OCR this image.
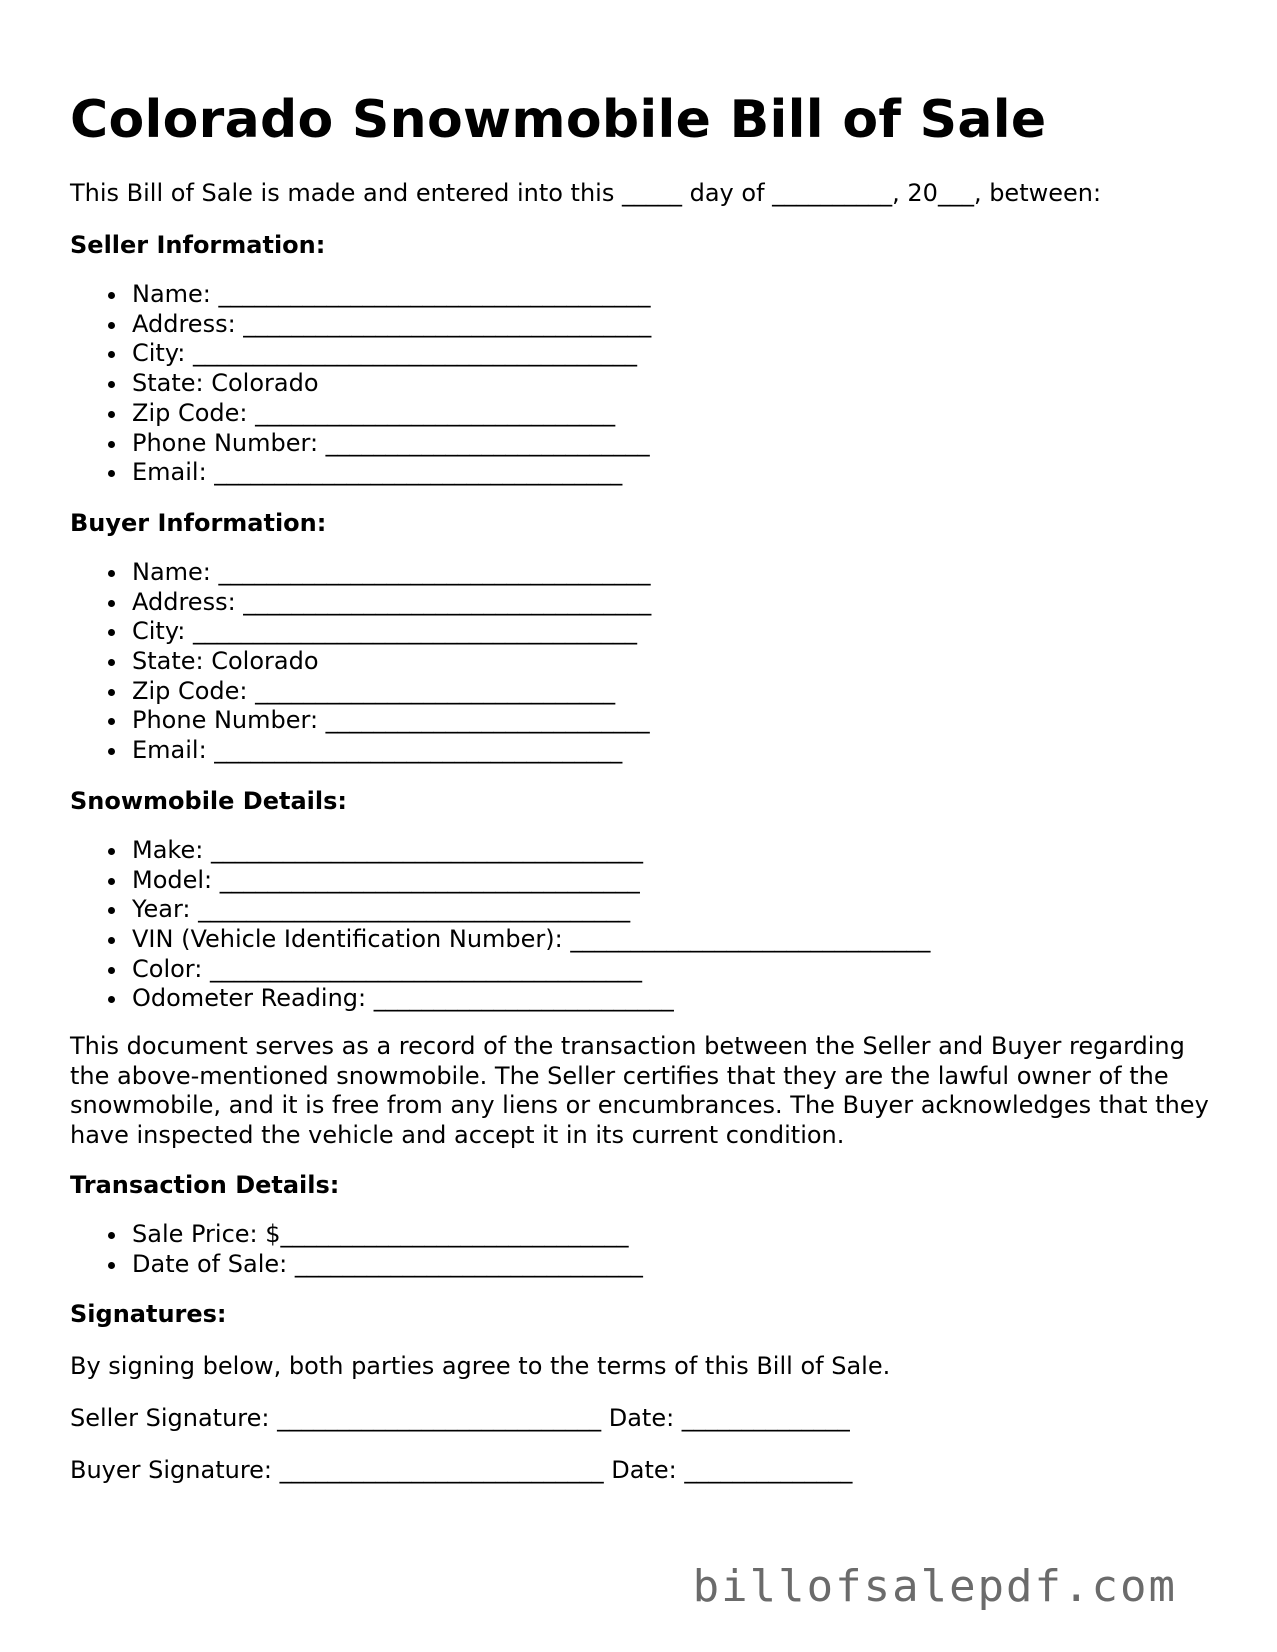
Colorado Snowmobile Bill of Sale

This Bill of Sale is made and entered into this _____ day of __________, 20___, between:

Seller Information:
Name: ____________________________________
Address: __________________________________
City: _____________________________________
State: Colorado
Zip Code: ______________________________
Phone Number: ___________________________
Email: __________________________________
Buyer Information:
Name: ____________________________________
Address: __________________________________
City: _____________________________________
State: Colorado
Zip Code: ______________________________
Phone Number: ___________________________
Email: __________________________________
Snowmobile Details:
Make: ____________________________________
Model: ___________________________________
Year: ____________________________________
VIN (Vehicle Identification Number): ______________________________
Color: ____________________________________
Odometer Reading: _________________________

This document serves as a record of the transaction between the Seller and Buyer regarding the above-mentioned snowmobile. The Seller certifies that they are the lawful owner of the snowmobile, and it is free from any liens or encumbrances. The Buyer acknowledges that they have inspected the vehicle and accept it in its current condition.

Transaction Details:
Sale Price: $_____________________________
Date of Sale: _____________________________
Signatures:

By signing below, both parties agree to the terms of this Bill of Sale.

Seller Signature: ___________________________ Date: ______________

Buyer Signature: ___________________________ Date: ______________

billofsalepdf.com
